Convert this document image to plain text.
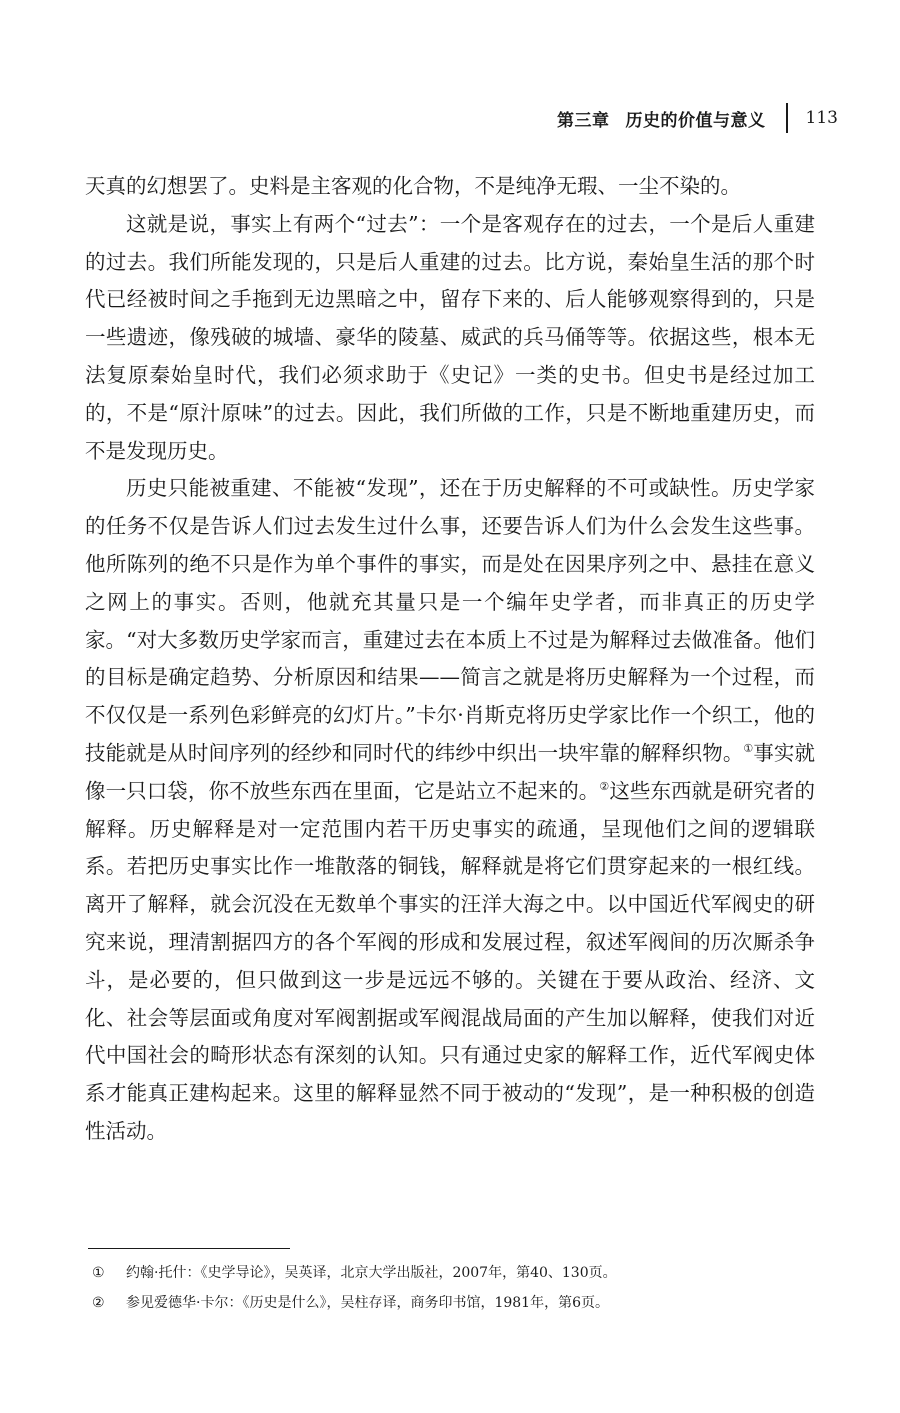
第三章 历史的价值与意义 113

天真的幻想罢了。史料是主客观的化合物，不是纯净无瑕、一尘不染的。

这就是说，事实上有两个“过去”：一个是客观存在的过去，一个是后人重建的过去。我们所能发现的，只是后人重建的过去。比方说，秦始皇生活的那个时代已经被时间之手拖到无边黑暗之中，留存下来的、后人能够观察得到的，只是一些遗迹，像残破的城墙、豪华的陵墓、威武的兵马俑等等。依据这些，根本无法复原秦始皇时代，我们必须求助于《史记》一类的史书。但史书是经过加工的，不是“原汁原味”的过去。因此，我们所做的工作，只是不断地重建历史，而不是发现历史。

历史只能被重建、不能被“发现”，还在于历史解释的不可或缺性。历史学家的任务不仅是告诉人们过去发生过什么事，还要告诉人们为什么会发生这些事。他所陈列的绝不只是作为单个事件的事实，而是处在因果序列之中、悬挂在意义之网上的事实。否则，他就充其量只是一个编年史学者，而非真正的历史学家。“对大多数历史学家而言，重建过去在本质上不过是为解释过去做准备。他们的目标是确定趋势、分析原因和结果——简言之就是将历史解释为一个过程，而不仅仅是一系列色彩鲜亮的幻灯片。”卡尔·肖斯克将历史学家比作一个织工，他的技能就是从时间序列的经纱和同时代的纬纱中织出一块牢靠的解释织物。①事实就像一只口袋，你不放些东西在里面，它是站立不起来的。②这些东西就是研究者的解释。历史解释是对一定范围内若干历史事实的疏通，呈现他们之间的逻辑联系。若把历史事实比作一堆散落的铜钱，解释就是将它们贯穿起来的一根红线。离开了解释，就会沉没在无数单个事实的汪洋大海之中。以中国近代军阀史的研究来说，理清割据四方的各个军阀的形成和发展过程，叙述军阀间的历次厮杀争斗，是必要的，但只做到这一步是远远不够的。关键在于要从政治、经济、文化、社会等层面或角度对军阀割据或军阀混战局面的产生加以解释，使我们对近代中国社会的畸形状态有深刻的认知。只有通过史家的解释工作，近代军阀史体系才能真正建构起来。这里的解释显然不同于被动的“发现”，是一种积极的创造性活动。

①	约翰·托什：《史学导论》，吴英译，北京大学出版社，2007年，第40、130页。
②	参见爱德华·卡尔：《历史是什么》，吴柱存译，商务印书馆，1981年，第6页。
